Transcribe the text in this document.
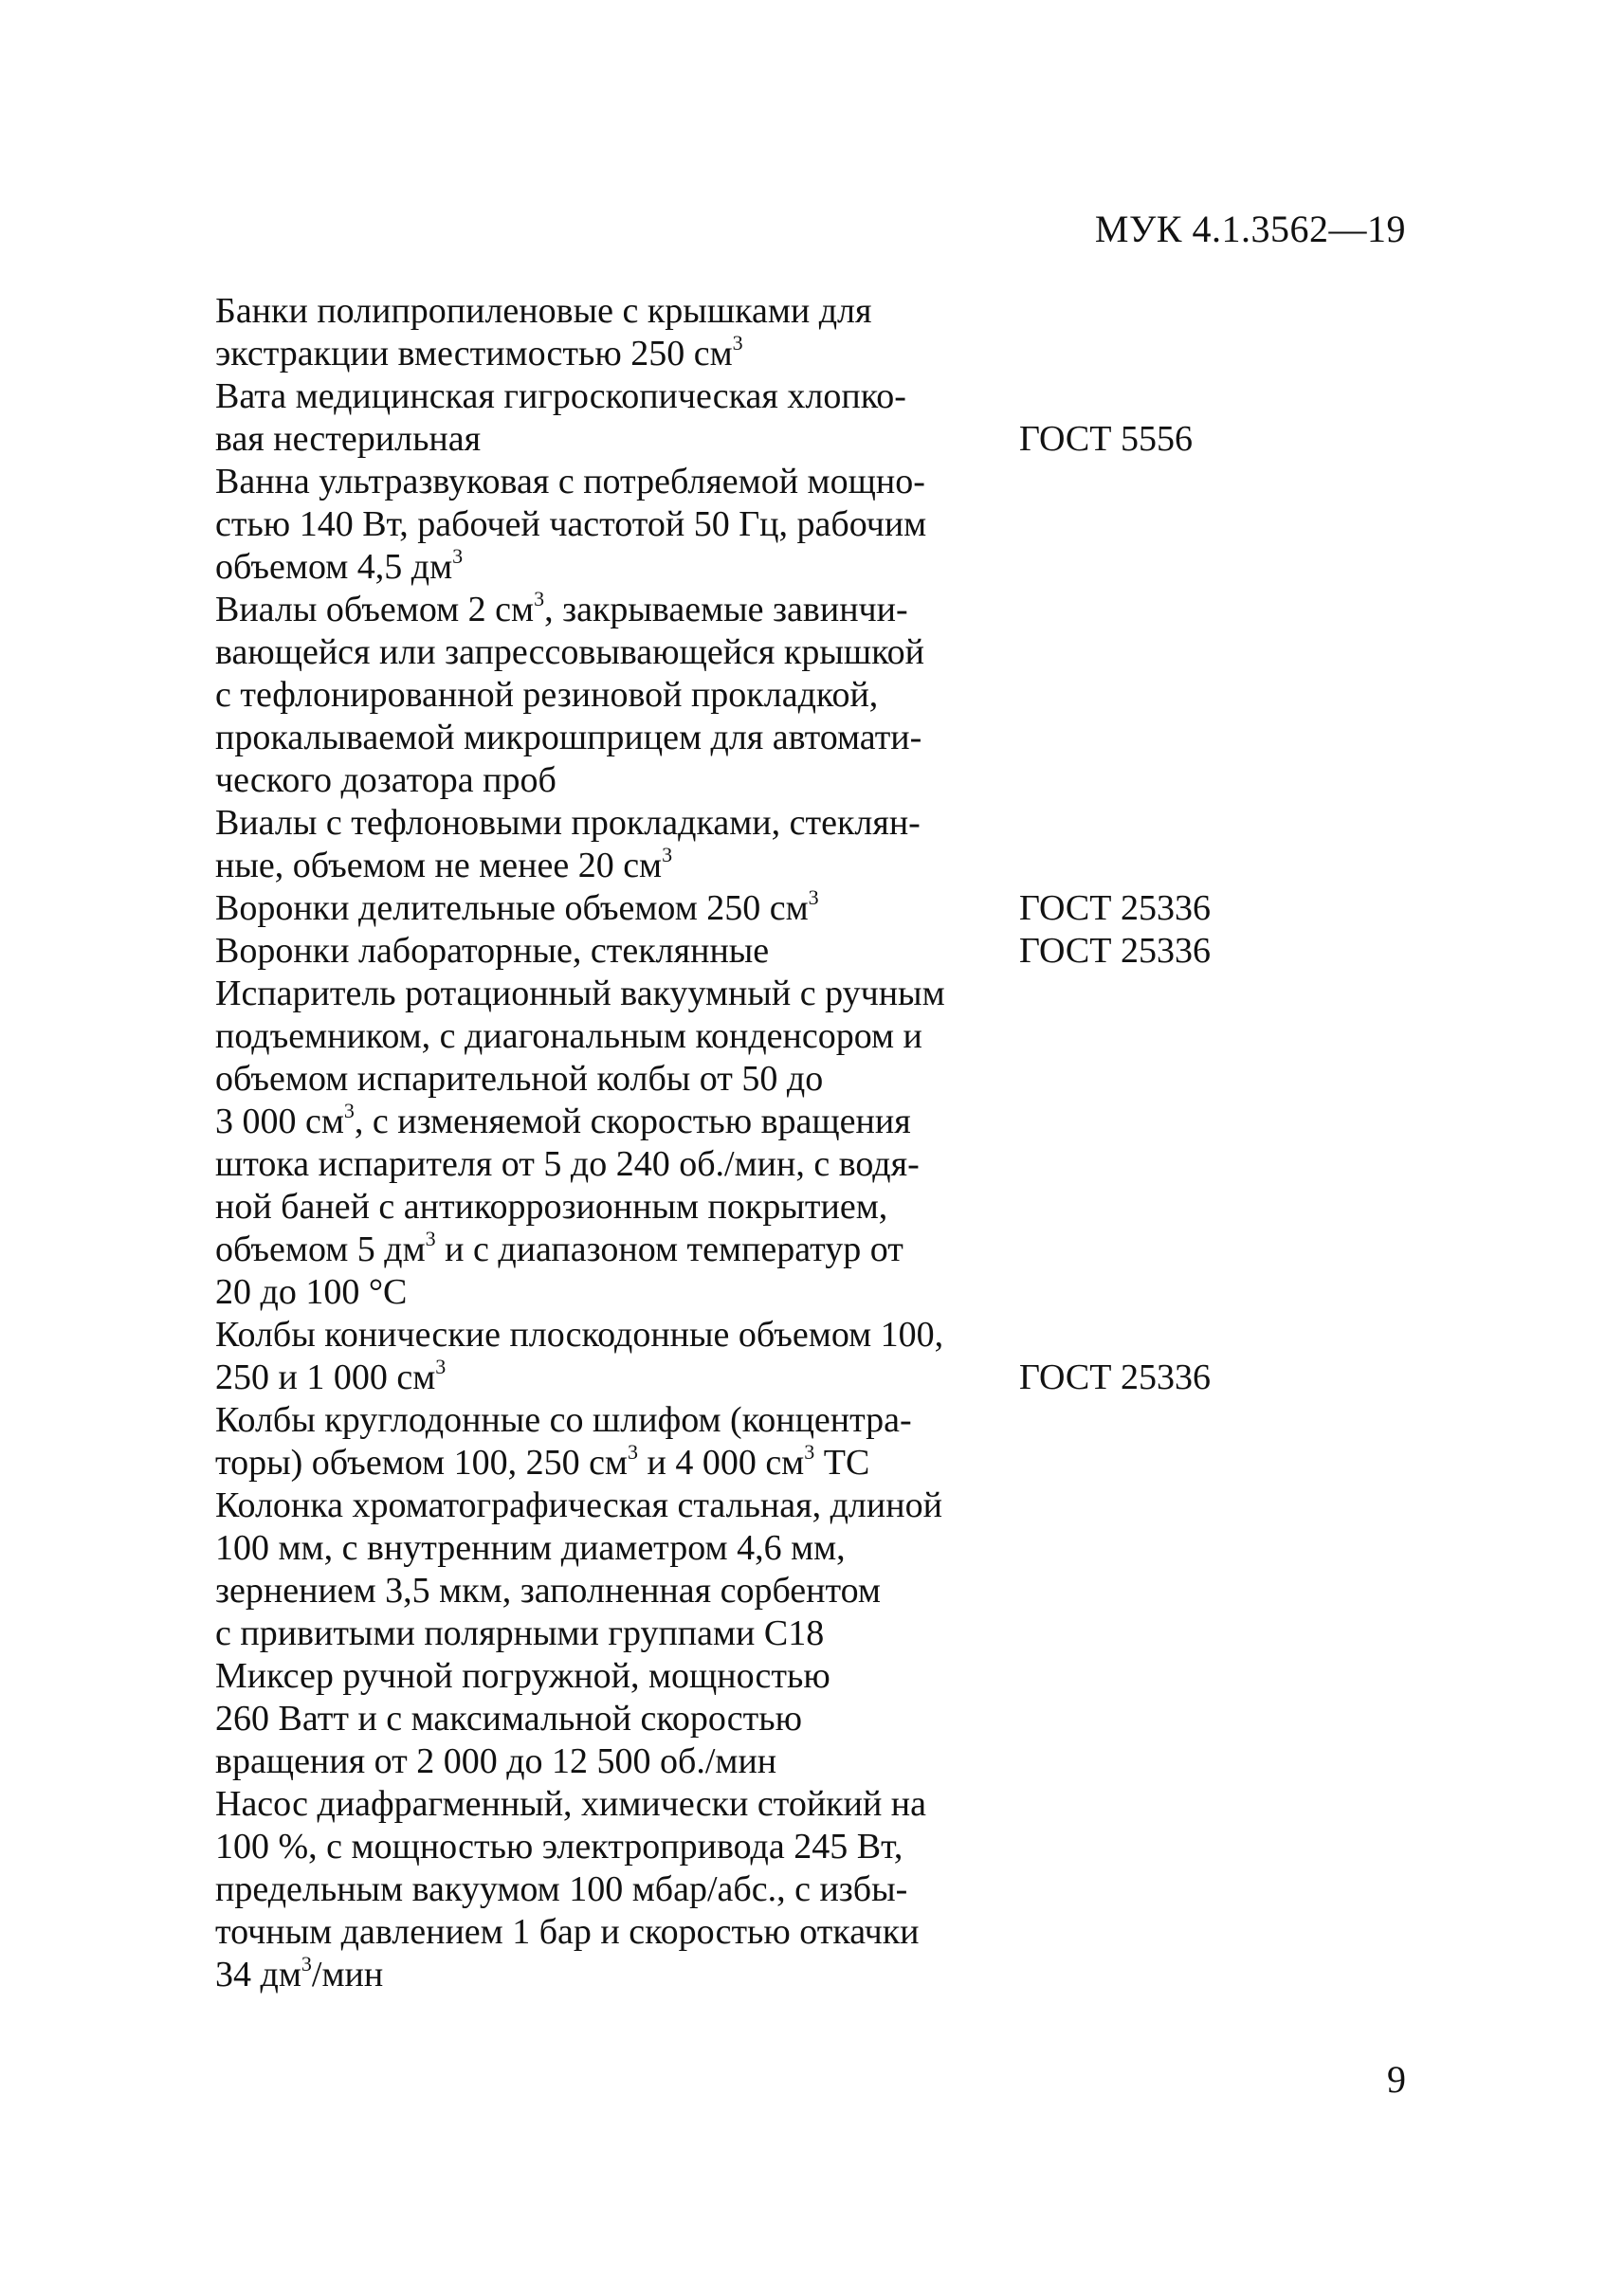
МУК 4.1.3562—19
Банки полипропиленовые с крышками для
экстракции вместимостью 250 $см^3$
Вата медицинская гигроскопическая хлопко-
вая нестерильная	ГОСТ 5556
Ванна ультразвуковая с потребляемой мощно-
стью 140 Вт, рабочей частотой 50 Гц, рабочим
объемом 4,5 $дм^3$
Виалы объемом 2 $см^3$, закрываемые завинчи-
вающейся или запрессовывающейся крышкой
с тефлонированной резиновой прокладкой,
прокалываемой микрошприцем для автомати-
ческого дозатора проб
Виалы с тефлоновыми прокладками, стеклян-
ные, объемом не менее 20 $см^3$
Воронки делительные объемом 250 $см^3$	ГОСТ 25336
Воронки лабораторные, стеклянные	ГОСТ 25336
Испаритель ротационный вакуумный с ручным
подъемником, с диагональным конденсором и
объемом испарительной колбы от 50 до
3 000 $см^3$, с изменяемой скоростью вращения
штока испарителя от 5 до 240 об./мин, с водя-
ной баней с антикоррозионным покрытием,
объемом 5 $дм^3$ и с диапазоном температур от
20 до 100 °С
Колбы конические плоскодонные объемом 100,
250 и 1 000 $см^3$	ГОСТ 25336
Колбы круглодонные со шлифом (концентра-
торы) объемом 100, 250 $см^3$ и 4 000 $см^3$ ТС
Колонка хроматографическая стальная, длиной
100 мм, с внутренним диаметром 4,6 мм,
зернением 3,5 мкм, заполненная сорбентом
с привитыми полярными группами С18
Миксер ручной погружной, мощностью
260 Ватт и с максимальной скоростью
вращения от 2 000 до 12 500 об./мин
Насос диафрагменный, химически стойкий на
100 %, с мощностью электропривода 245 Вт,
предельным вакуумом 100 мбар/абс., с избы-
точным давлением 1 бар и скоростью откачки
34 $дм^3$/мин
9
